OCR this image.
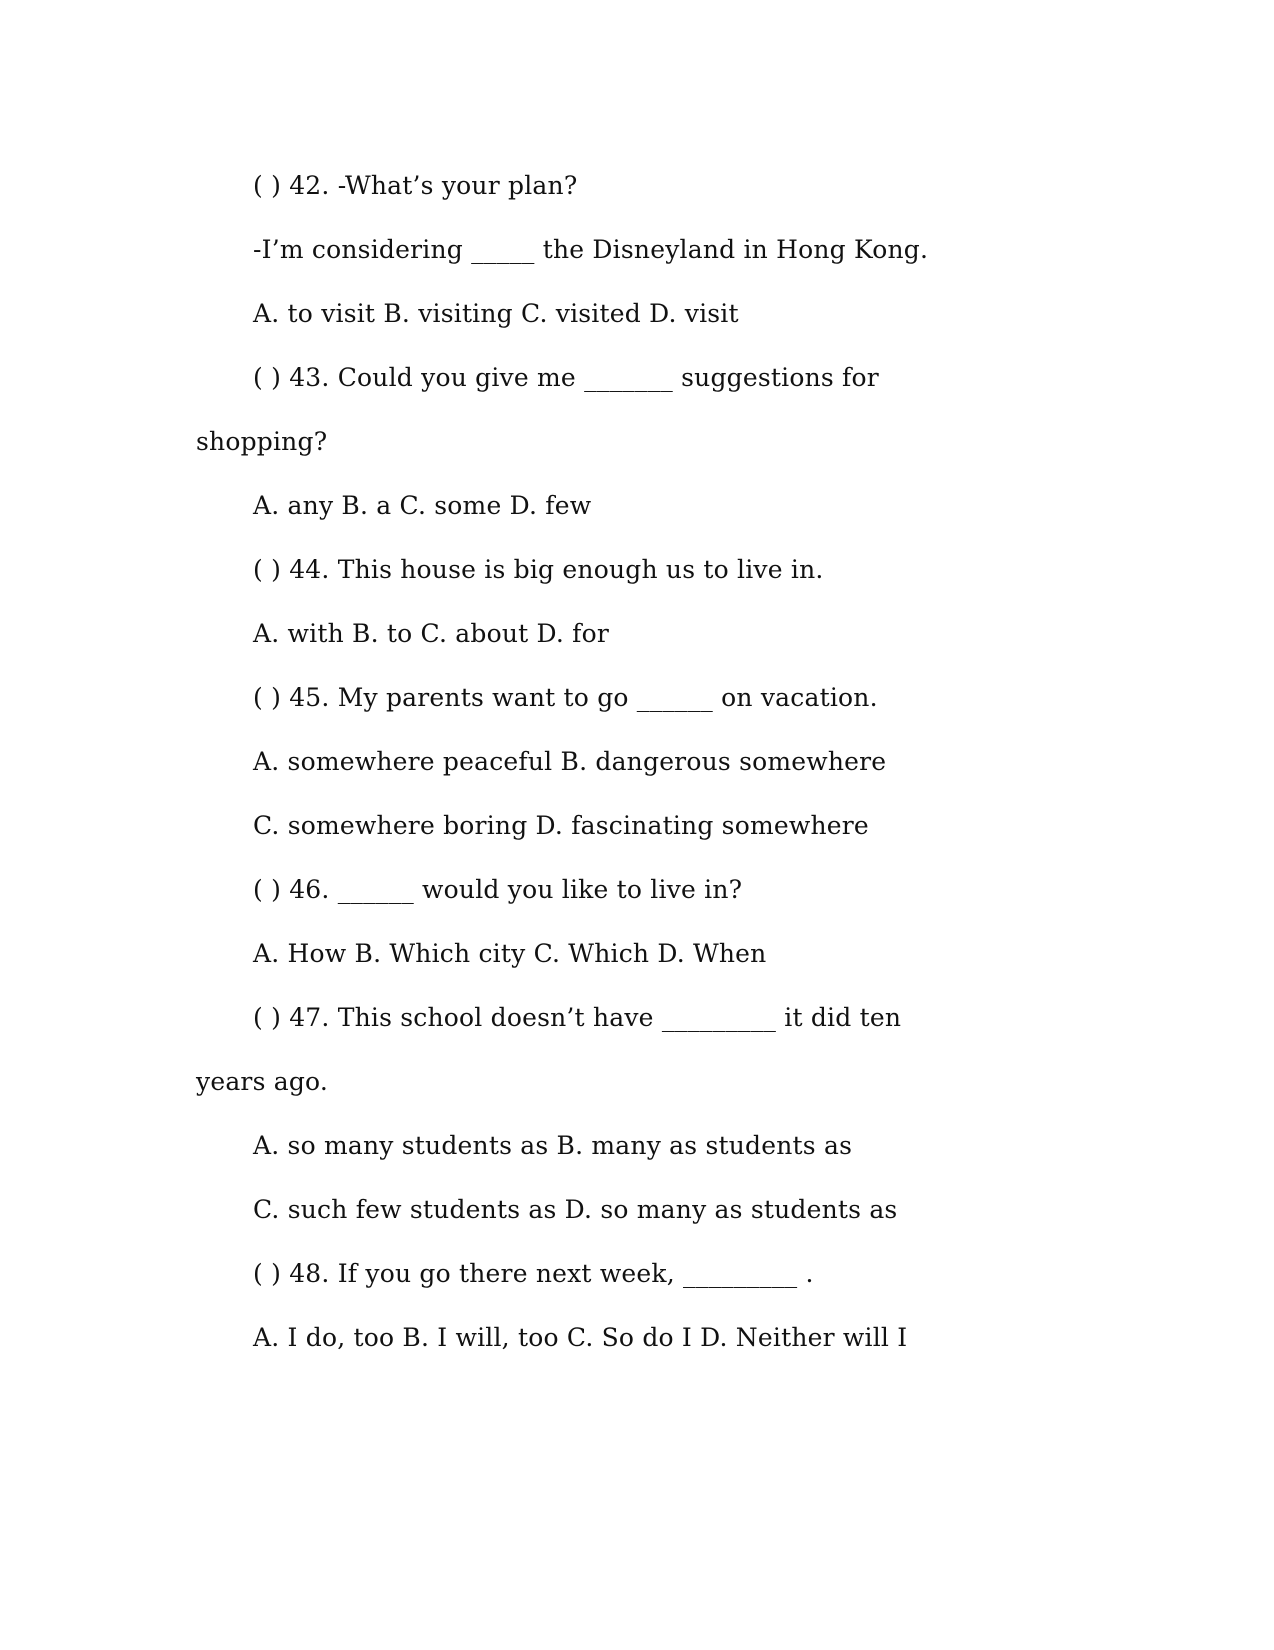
( ) 42. -What’s your plan?
-I’m considering _____ the Disneyland in Hong Kong.
A. to visit B. visiting C. visited D. visit
( ) 43. Could you give me _______ suggestions for
shopping?
A. any B. a C. some D. few
( ) 44. This house is big enough us to live in.
A. with B. to C. about D. for
( ) 45. My parents want to go ______ on vacation.
A. somewhere peaceful B. dangerous somewhere
C. somewhere boring D. fascinating somewhere
( ) 46. ______ would you like to live in?
A. How B. Which city C. Which D. When
( ) 47. This school doesn’t have _________ it did ten
years ago.
A. so many students as B. many as students as
C. such few students as D. so many as students as
( ) 48. If you go there next week, _________ .
A. I do, too B. I will, too C. So do I D. Neither will I
